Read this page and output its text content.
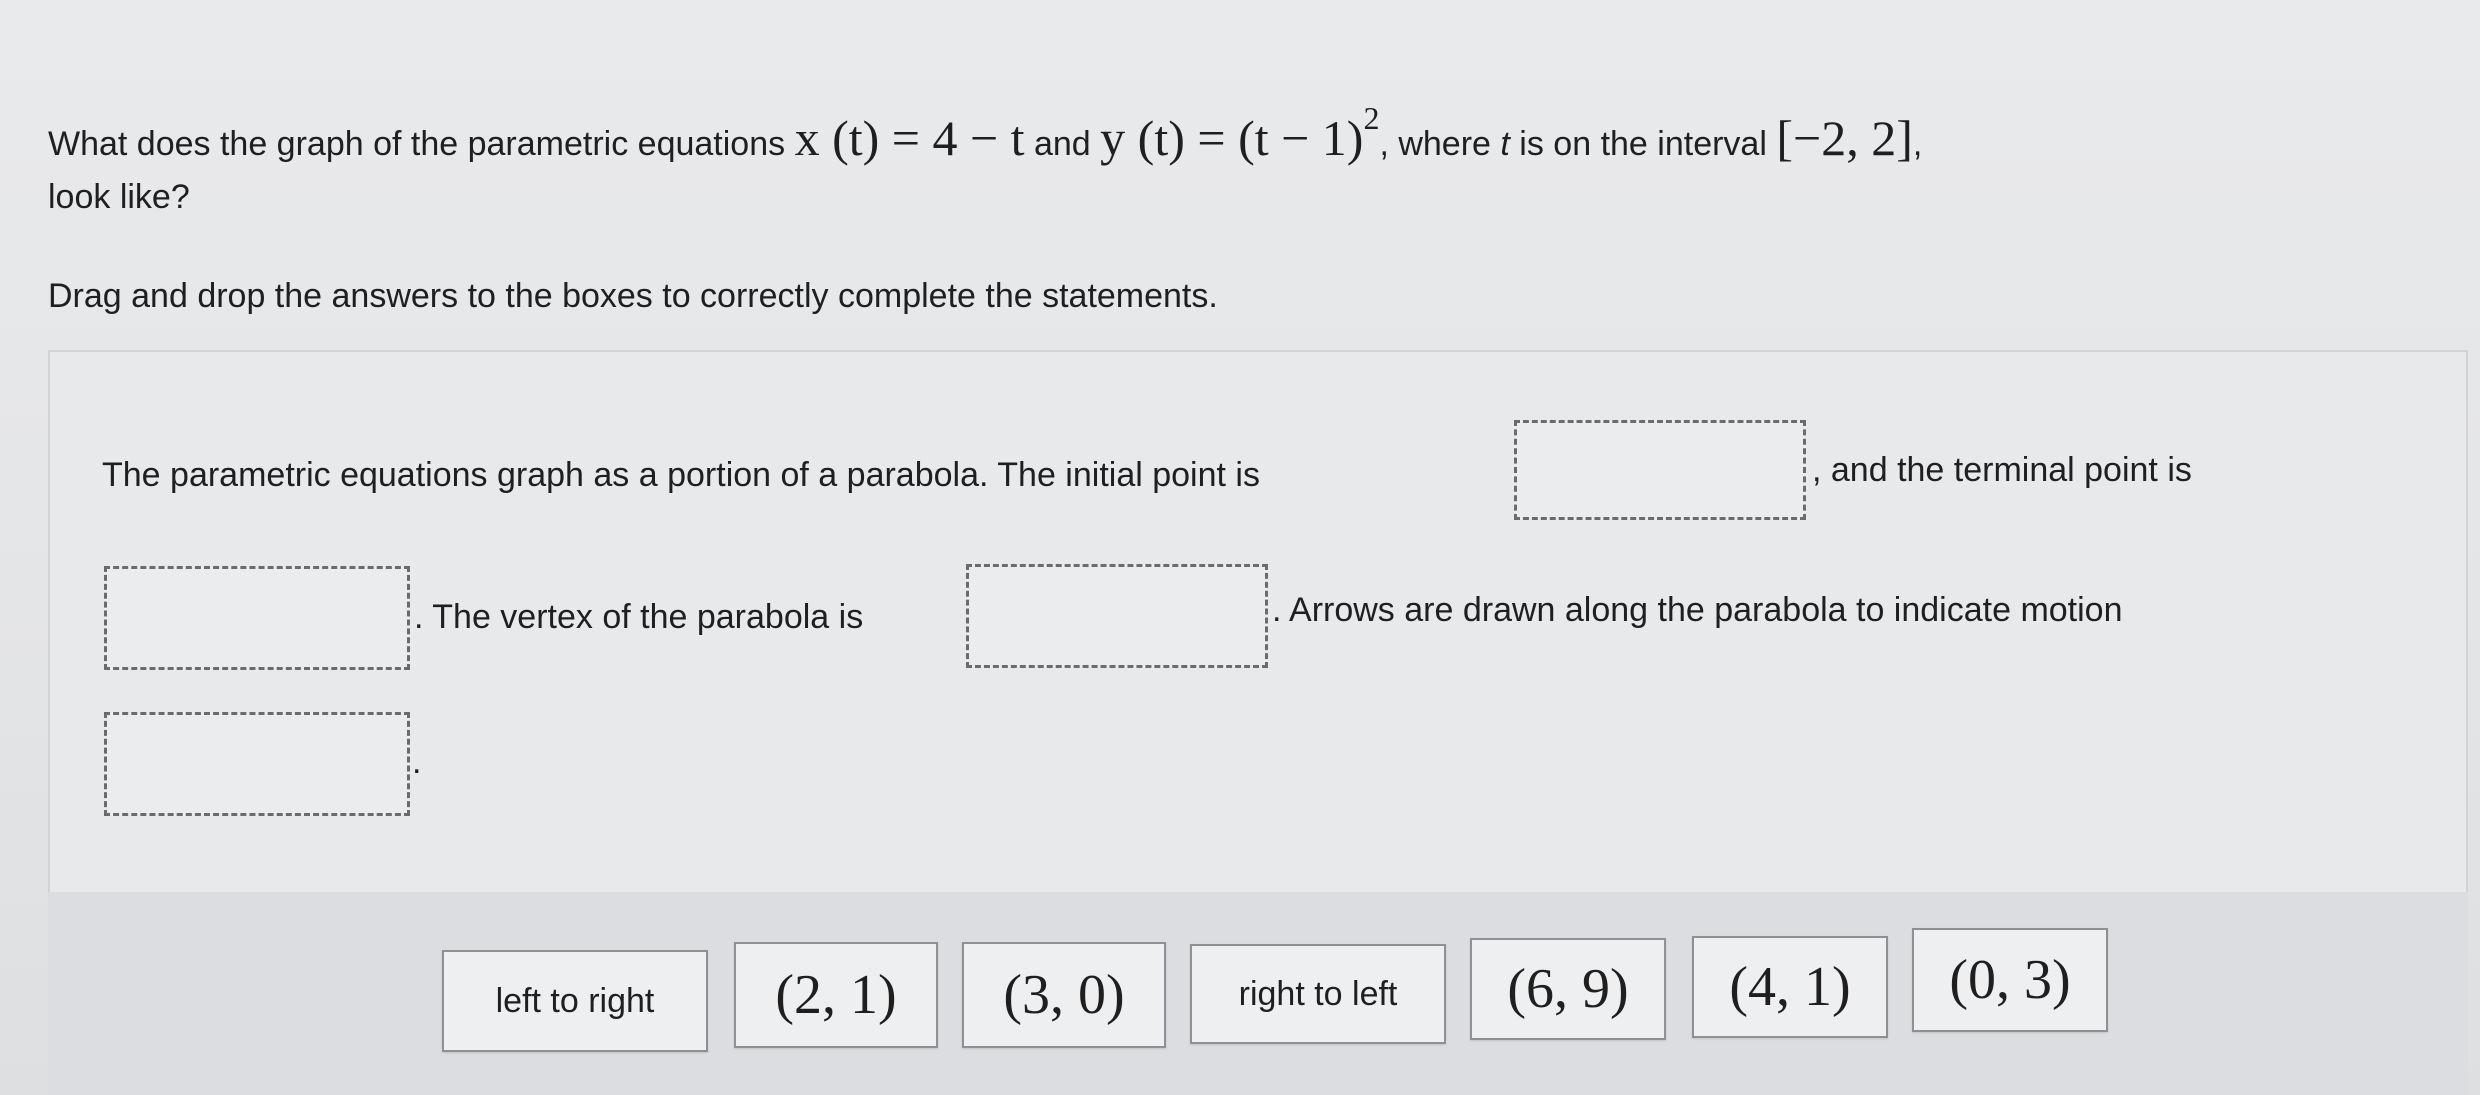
What does the graph of the parametric equations x (t) = 4 − t and y $(t) = (t - 1)^2$, where t is on the interval [−2, 2],
look like?
Drag and drop the answers to the boxes to correctly complete the statements.
The parametric equations graph as a portion of a parabola. The initial point is	, and the terminal point is
. The vertex of the parabola is	. Arrows are drawn along the parabola to indicate motion
.
left to right (2, 1) (3, 0)	right to left (6, 9) (4, 1) (0, 3)
